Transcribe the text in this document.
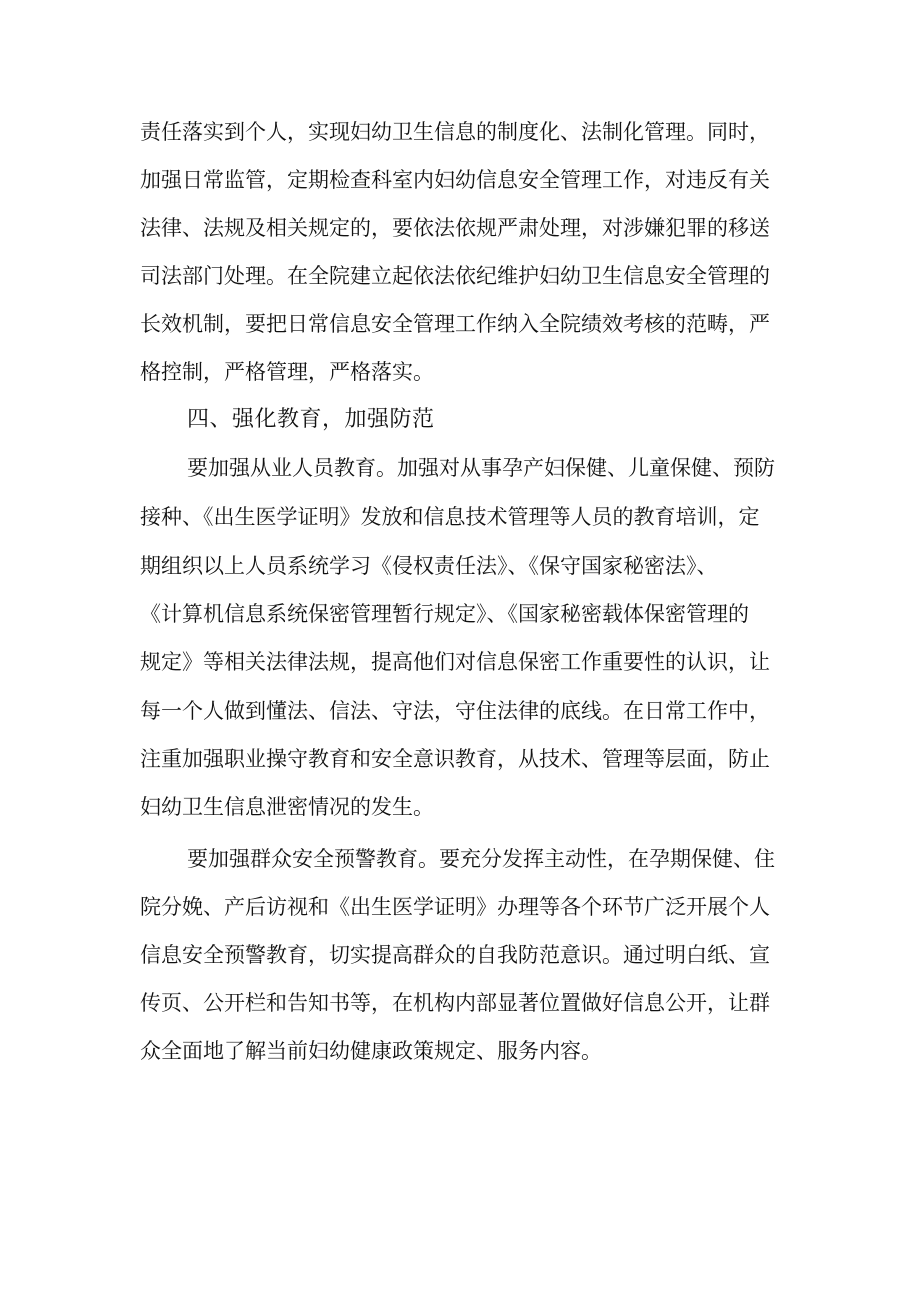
责任落实到个人，实现妇幼卫生信息的制度化、法制化管理。同时，
加强日常监管，定期检查科室内妇幼信息安全管理工作，对违反有关
法律、法规及相关规定的，要依法依规严肃处理，对涉嫌犯罪的移送
司法部门处理。在全院建立起依法依纪维护妇幼卫生信息安全管理的
长效机制，要把日常信息安全管理工作纳入全院绩效考核的范畴，严
格控制，严格管理，严格落实。
四、强化教育，加强防范
要加强从业人员教育。加强对从事孕产妇保健、儿童保健、预防
接种、《出生医学证明》发放和信息技术管理等人员的教育培训，定
期组织以上人员系统学习《侵权责任法》、《保守国家秘密法》、
《计算机信息系统保密管理暂行规定》、《国家秘密载体保密管理的
规定》等相关法律法规，提高他们对信息保密工作重要性的认识，让
每一个人做到懂法、信法、守法，守住法律的底线。在日常工作中，
注重加强职业操守教育和安全意识教育，从技术、管理等层面，防止
妇幼卫生信息泄密情况的发生。
要加强群众安全预警教育。要充分发挥主动性，在孕期保健、住
院分娩、产后访视和《出生医学证明》办理等各个环节广泛开展个人
信息安全预警教育，切实提高群众的自我防范意识。通过明白纸、宣
传页、公开栏和告知书等，在机构内部显著位置做好信息公开，让群
众全面地了解当前妇幼健康政策规定、服务内容。
